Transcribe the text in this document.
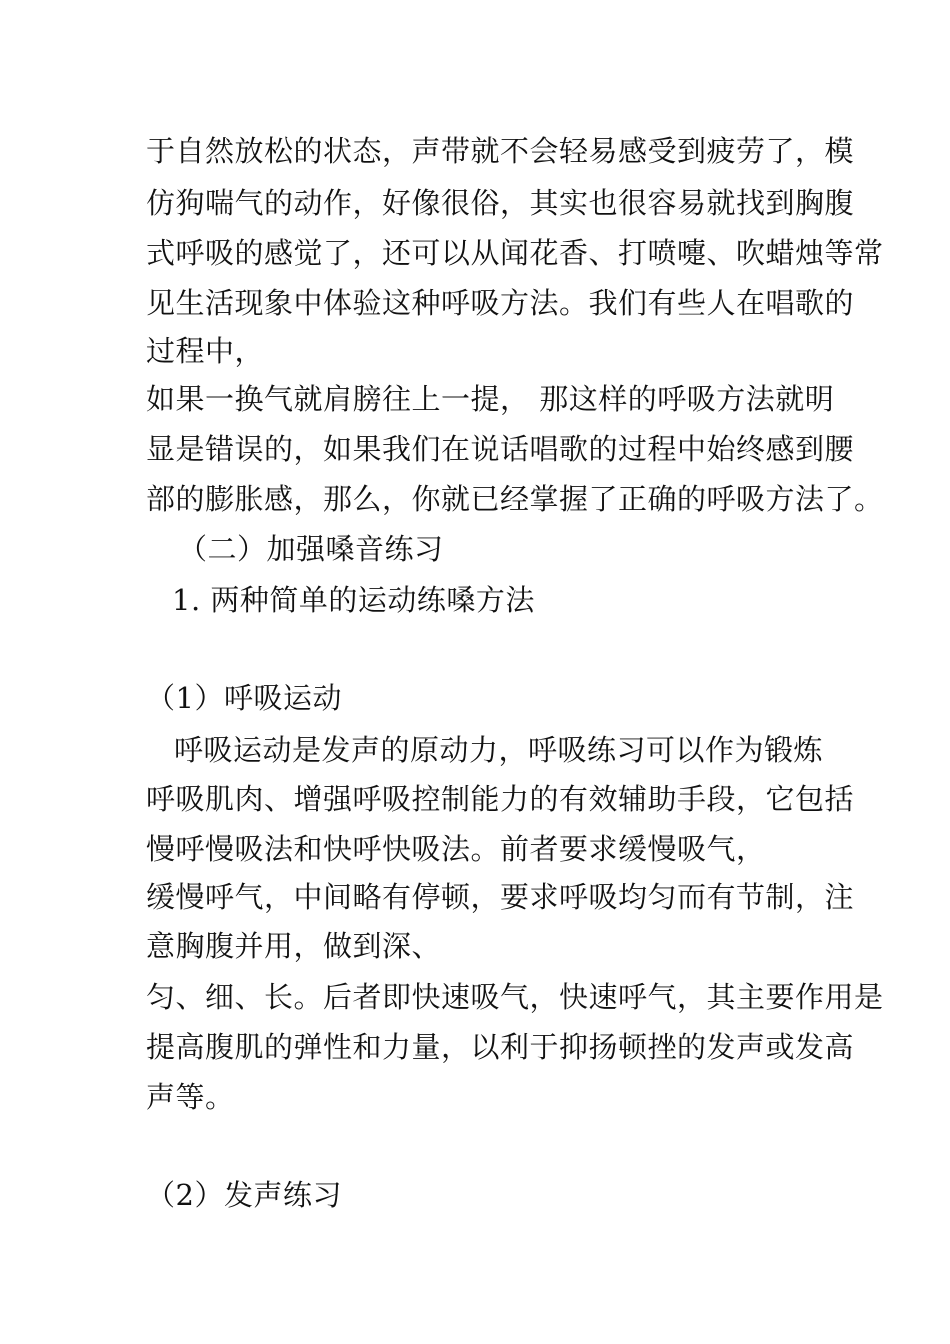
于自然放松的状态，声带就不会轻易感受到疲劳了，模
仿狗喘气的动作，好像很俗，其实也很容易就找到胸腹
式呼吸的感觉了，还可以从闻花香、打喷嚏、吹蜡烛等常
见生活现象中体验这种呼吸方法。我们有些人在唱歌的
过程中，
如果一换气就肩膀往上一提， 那这样的呼吸方法就明
显是错误的，如果我们在说话唱歌的过程中始终感到腰
部的膨胀感，那么，你就已经掌握了正确的呼吸方法了。
（二）加强嗓音练习
1. 两种简单的运动练嗓方法
（1）呼吸运动
呼吸运动是发声的原动力，呼吸练习可以作为锻炼
呼吸肌肉、增强呼吸控制能力的有效辅助手段，它包括
慢呼慢吸法和快呼快吸法。前者要求缓慢吸气，
缓慢呼气，中间略有停顿，要求呼吸均匀而有节制，注
意胸腹并用，做到深、
匀、细、长。后者即快速吸气，快速呼气，其主要作用是
提高腹肌的弹性和力量，以利于抑扬顿挫的发声或发高
声等。
（2）发声练习
